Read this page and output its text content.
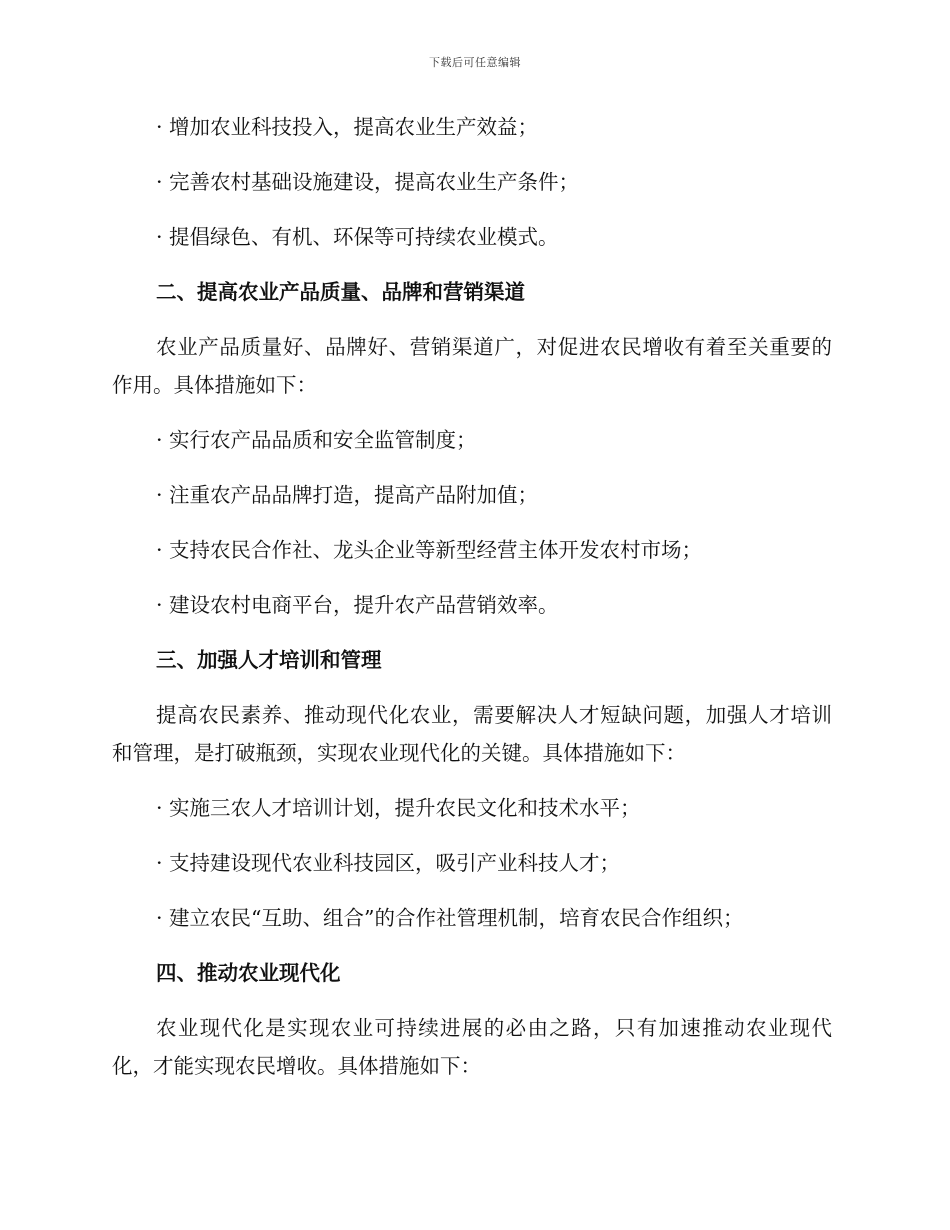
下载后可任意编辑
· 增加农业科技投入，提高农业生产效益；
· 完善农村基础设施建设，提高农业生产条件；
· 提倡绿色、有机、环保等可持续农业模式。
二、提高农业产品质量、品牌和营销渠道
农业产品质量好、品牌好、营销渠道广，对促进农民增收有着至关重要的作用。具体措施如下：
· 实行农产品品质和安全监管制度；
· 注重农产品品牌打造，提高产品附加值；
· 支持农民合作社、龙头企业等新型经营主体开发农村市场；
· 建设农村电商平台，提升农产品营销效率。
三、加强人才培训和管理
提高农民素养、推动现代化农业，需要解决人才短缺问题，加强人才培训和管理，是打破瓶颈，实现农业现代化的关键。具体措施如下：
· 实施三农人才培训计划，提升农民文化和技术水平；
· 支持建设现代农业科技园区，吸引产业科技人才；
· 建立农民“互助、组合”的合作社管理机制，培育农民合作组织；
四、推动农业现代化
农业现代化是实现农业可持续进展的必由之路，只有加速推动农业现代化，才能实现农民增收。具体措施如下：
